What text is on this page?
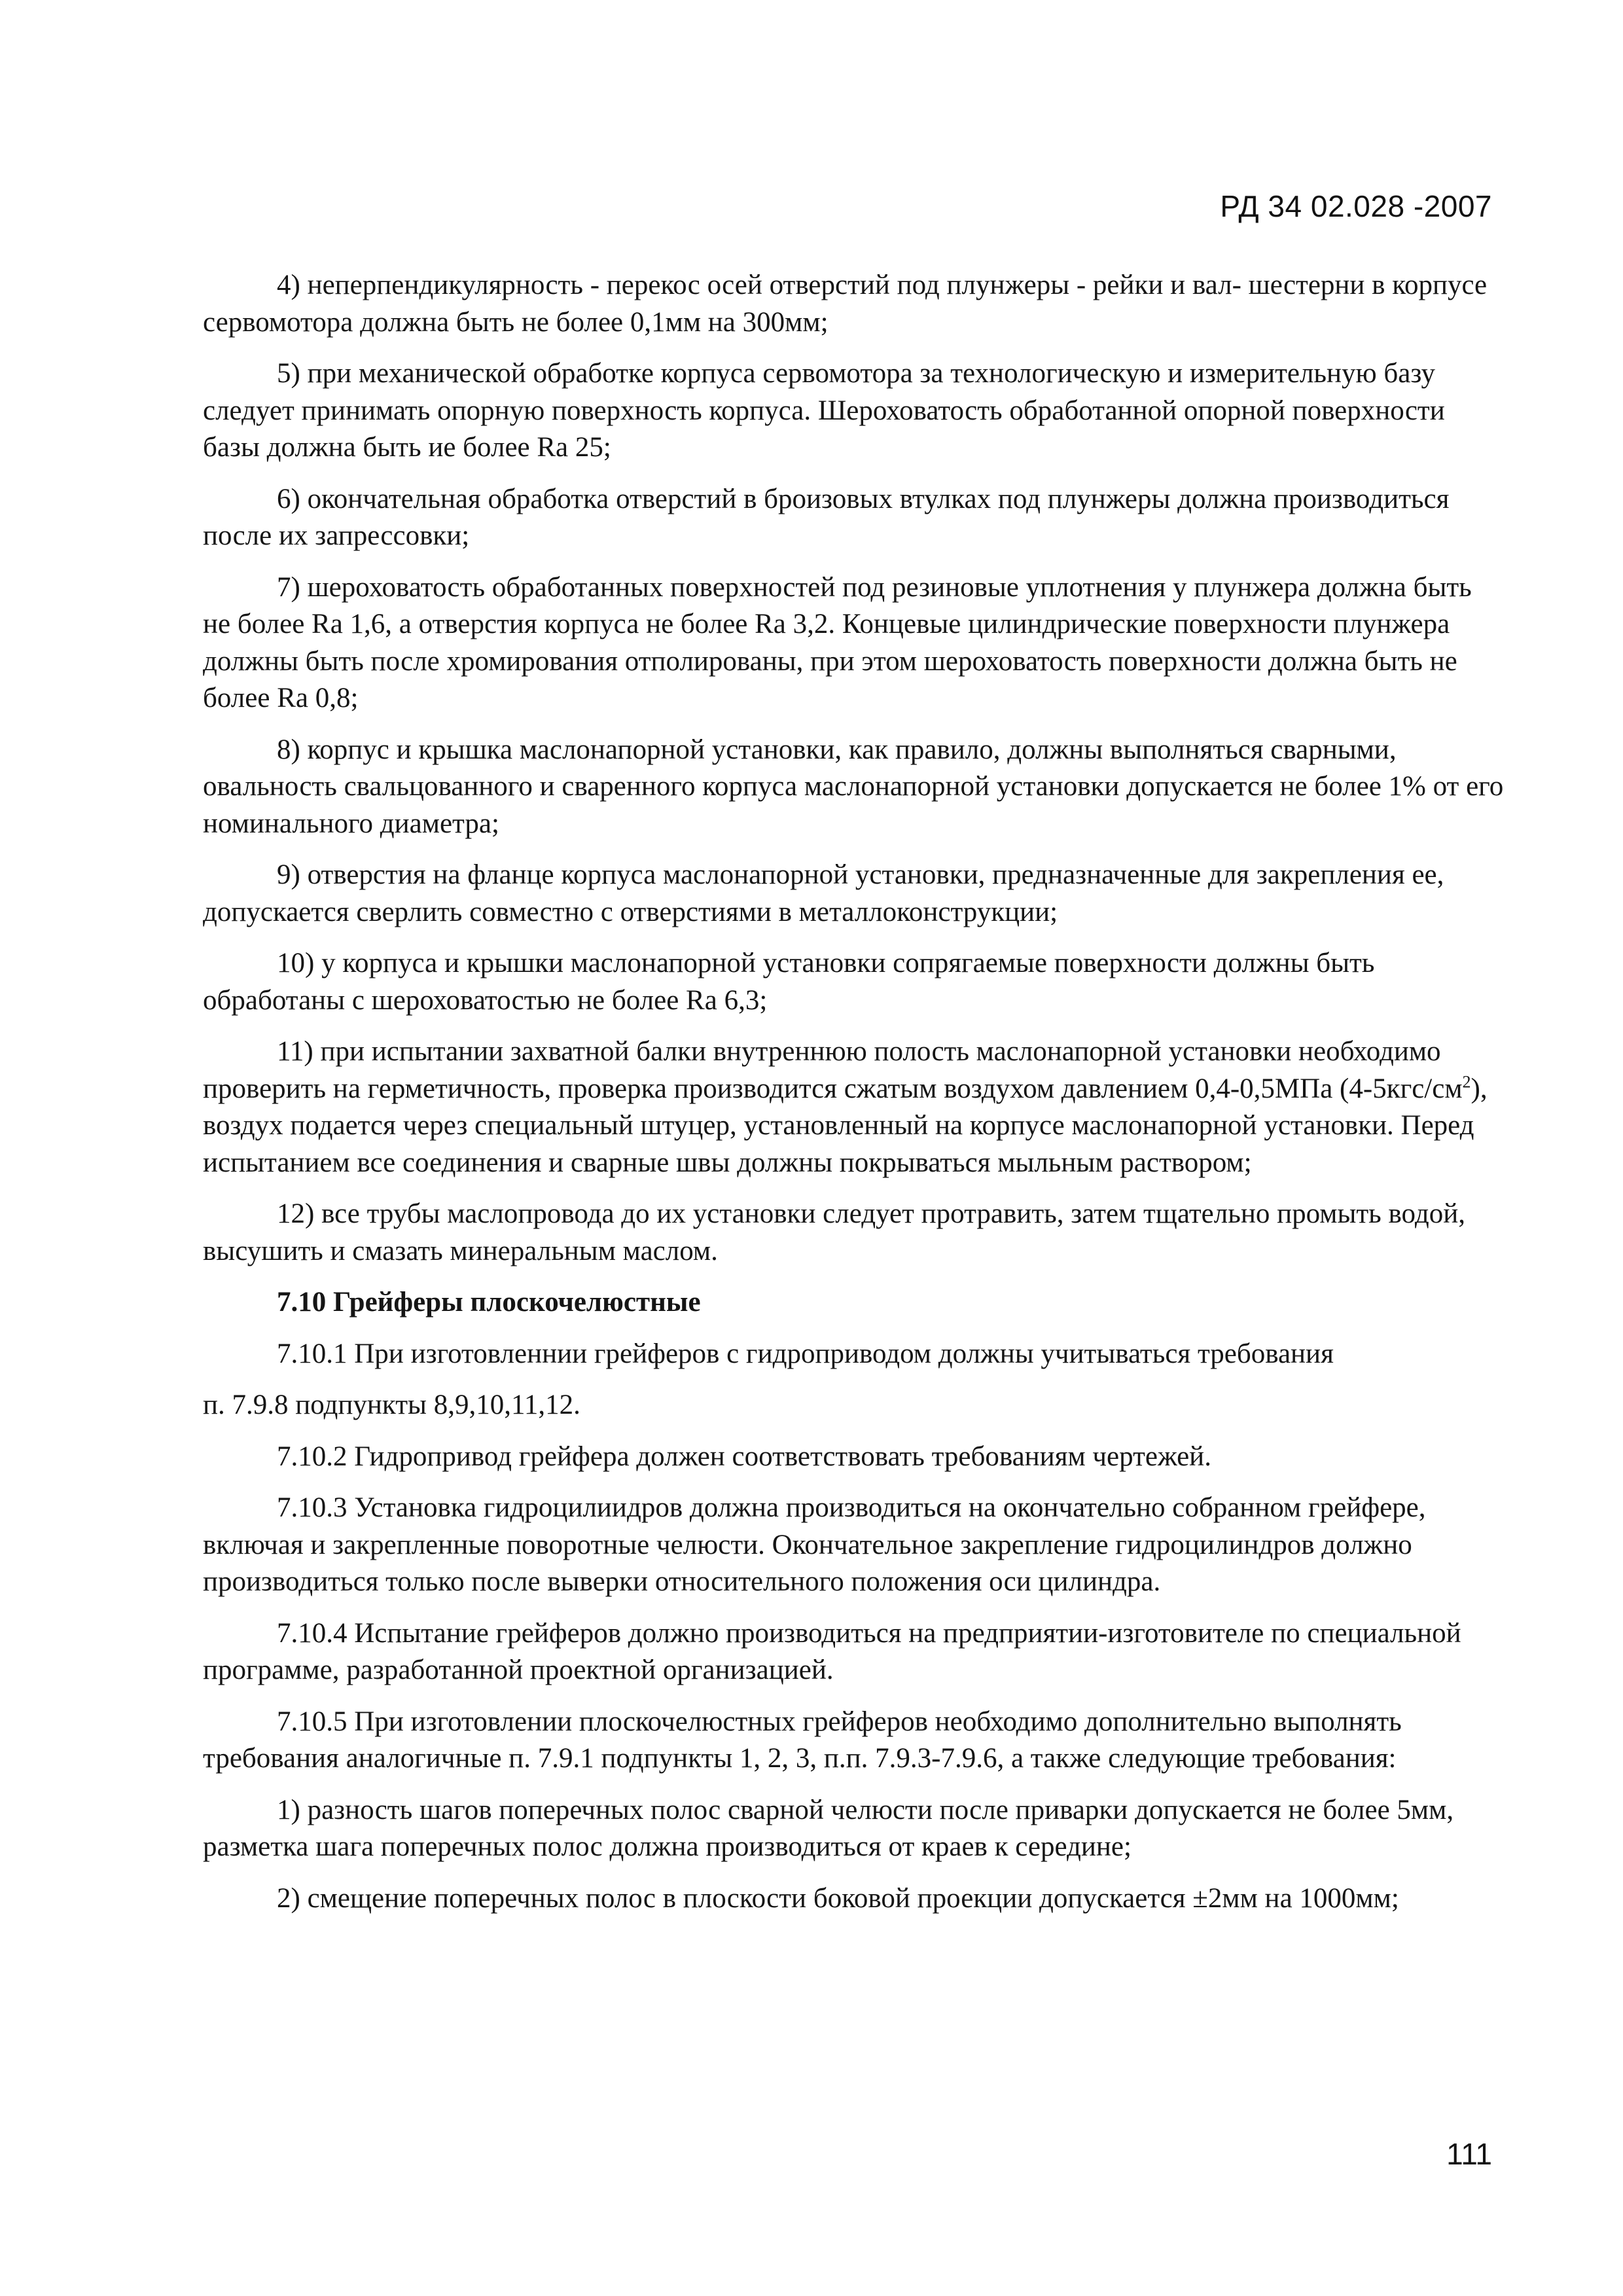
РД 34 02.028 -2007

4) неперпендикулярность - перекос осей отверстий под плунжеры - рейки и вал- шестерни в корпусе сервомотора должна быть не более 0,1мм на 300мм;

5) при механической обработке корпуса сервомотора за технологическую и измерительную базу следует принимать опорную поверхность корпуса. Шероховатость обработанной опорной поверхности базы должна быть ие более Ra 25;

6) окончательная обработка отверстий в броизовых втулках под плунжеры должна производиться после их запрессовки;

7) шероховатость обработанных поверхностей под резиновые уплотнения у плунжера должна быть не более Ra 1,6, а отверстия корпуса не более Ra 3,2. Концевые цилиндрические поверхности плунжера должны быть после хромирования отполированы, при этом шероховатость поверхности должна быть не более Ra 0,8;

8) корпус и крышка маслонапорной установки, как правило, должны выполняться сварными, овальность свальцованного и сваренного корпуса маслонапорной установки допускается не более 1% от его номинального диаметра;

9) отверстия на фланце корпуса маслонапорной установки, предназначенные для закрепления ее, допускается сверлить совместно с отверстиями в металлоконструкции;

10) у корпуса и крышки маслонапорной установки сопрягаемые поверхности должны быть обработаны с шероховатостью не более Ra 6,3;

11) при испытании захватной балки внутреннюю полость маслонапорной установки необходимо проверить на герметичность, проверка производится сжатым воздухом давлением 0,4-0,5МПа $(4-5кгс/см^2)$, воздух подается через специальный штуцер, установленный на корпусе маслонапорной установки. Перед испытанием все соединения и сварные швы должны покрываться мыльным раствором;

12) все трубы маслопровода до их установки следует протравить, затем тщательно промыть водой, высушить и смазать минеральным маслом.

7.10 Грейферы плоскочелюстные

7.10.1 При изготовленнии грейферов с гидроприводом должны учитываться требования

п. 7.9.8 подпункты 8,9,10,11,12.

7.10.2 Гидропривод грейфера должен соответствовать требованиям чертежей.

7.10.3 Установка гидроцилиидров должна производиться на окончательно собранном грейфере, включая и закрепленные поворотные челюсти. Окончательное закрепление гидроцилиндров должно производиться только после выверки относительного положения оси цилиндра.

7.10.4 Испытание грейферов должно производиться на предприятии-изготовителе по специальной программе, разработанной проектной организацией.

7.10.5 При изготовлении плоскочелюстных грейферов необходимо дополнительно выполнять требования аналогичные п. 7.9.1 подпункты 1, 2, 3, п.п. 7.9.3-7.9.6, а также следующие требования:

1) разность шагов поперечных полос сварной челюсти после приварки допускается не более 5мм, разметка шага поперечных полос должна производиться от краев к середине;

2) смещение поперечных полос в плоскости боковой проекции допускается ±2мм на 1000мм;

111
